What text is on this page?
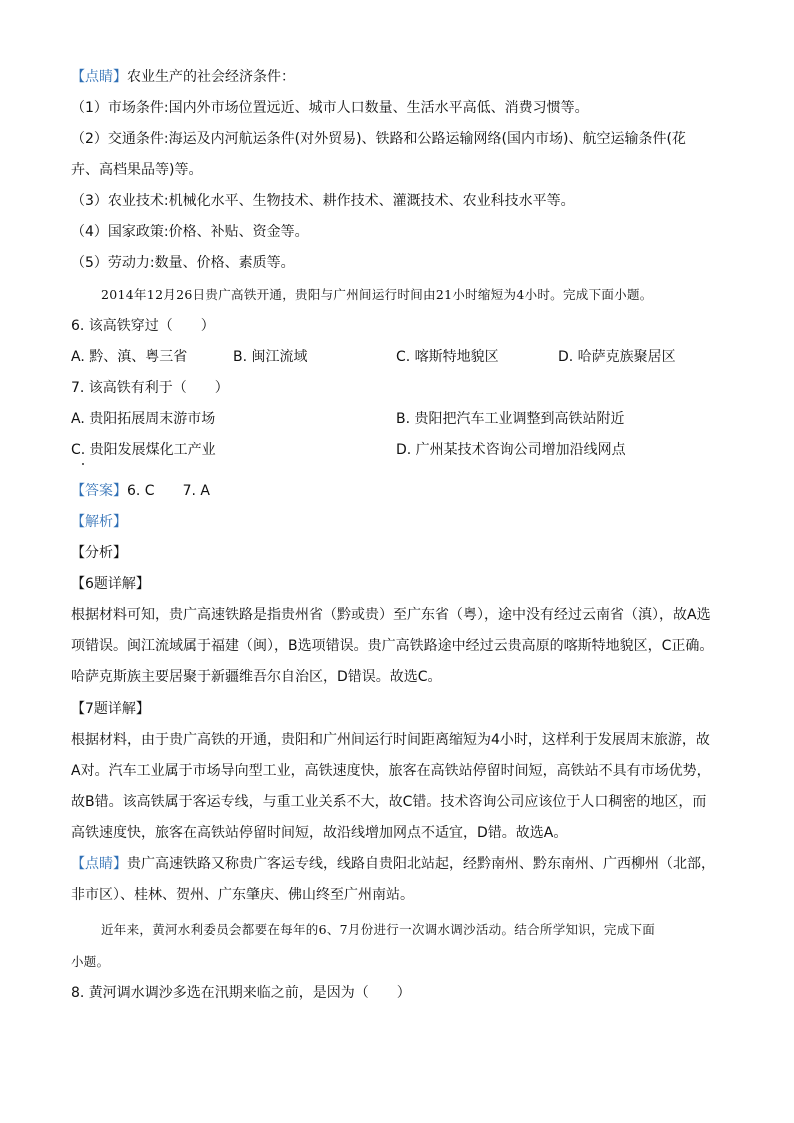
【点睛】农业生产的社会经济条件：
（1）市场条件:国内外市场位置远近、城市人口数量、生活水平高低、消费习惯等。
（2）交通条件:海运及内河航运条件(对外贸易)、铁路和公路运输网络(国内市场)、航空运输条件(花
卉、高档果品等)等。
（3）农业技术:机械化水平、生物技术、耕作技术、灌溉技术、农业科技水平等。
（4）国家政策:价格、补贴、资金等。
（5）劳动力:数量、价格、素质等。
2014年12月26日贵广高铁开通，贵阳与广州间运行时间由21小时缩短为4小时。完成下面小题。
6. 该高铁穿过（　　）
A. 黔、滇、粤三省	B. 闽江流域	C. 喀斯特地貌区	D. 哈萨克族聚居区
7. 该高铁有利于（　　）
A. 贵阳拓展周末游市场	B. 贵阳把汽车工业调整到高铁站附近
C. 贵阳发展煤化工产业	D. 广州某技术咨询公司增加沿线网点
【答案】6. C　　7. A
【解析】
【分析】
【6题详解】
根据材料可知，贵广高速铁路是指贵州省（黔或贵）至广东省（粤），途中没有经过云南省（滇），故A选
项错误。闽江流域属于福建（闽），B选项错误。贵广高铁路途中经过云贵高原的喀斯特地貌区，C正确。
哈萨克斯族主要居聚于新疆维吾尔自治区，D错误。故选C。
【7题详解】
根据材料，由于贵广高铁的开通，贵阳和广州间运行时间距离缩短为4小时，这样利于发展周末旅游，故
A对。汽车工业属于市场导向型工业，高铁速度快，旅客在高铁站停留时间短，高铁站不具有市场优势，
故B错。该高铁属于客运专线，与重工业关系不大，故C错。技术咨询公司应该位于人口稠密的地区，而
高铁速度快，旅客在高铁站停留时间短，故沿线增加网点不适宜，D错。故选A。
【点睛】贵广高速铁路又称贵广客运专线，线路自贵阳北站起，经黔南州、黔东南州、广西柳州（北部，
非市区）、桂林、贺州、广东肇庆、佛山终至广州南站。
近年来，黄河水利委员会都要在每年的6、7月份进行一次调水调沙活动。结合所学知识，完成下面
小题。
8. 黄河调水调沙多选在汛期来临之前，是因为（　　）
